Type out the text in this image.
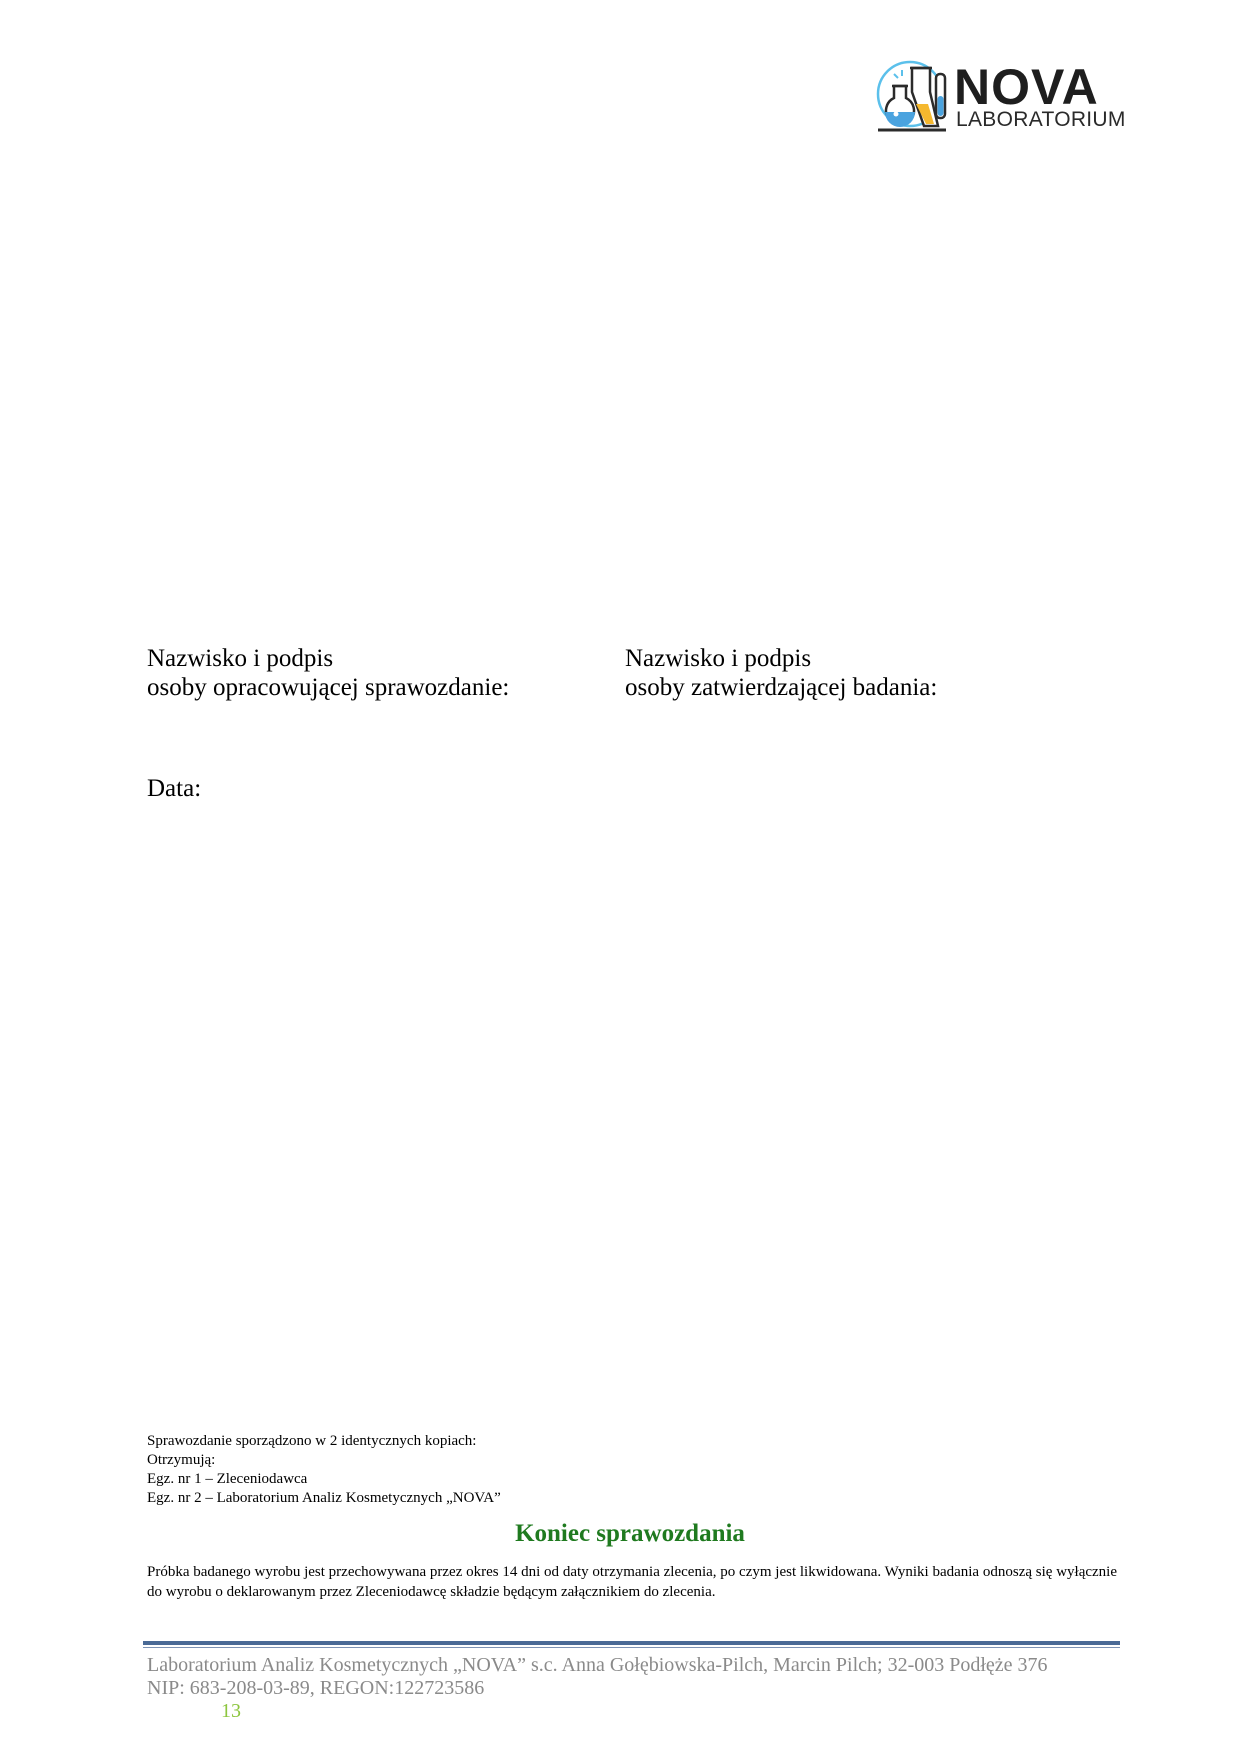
NOVA
LABORATORIUM
Nazwisko i podpis
osoby opracowującej sprawozdanie:
Nazwisko i podpis
osoby zatwierdzającej badania:
Data:
Sprawozdanie sporządzono w 2 identycznych kopiach:
Otrzymują:
Egz. nr 1 – Zleceniodawca
Egz. nr 2 – Laboratorium Analiz Kosmetycznych „NOVA”
Koniec sprawozdania
Próbka badanego wyrobu jest przechowywana przez okres 14 dni od daty otrzymania zlecenia, po czym jest likwidowana. Wyniki badania odnoszą się wyłącznie do wyrobu o deklarowanym przez Zleceniodawcę składzie będącym załącznikiem do zlecenia.
Laboratorium Analiz Kosmetycznych „NOVA” s.c. Anna Gołębiowska-Pilch, Marcin Pilch; 32-003 Podłęże 376
NIP: 683-208-03-89, REGON:122723586
13
